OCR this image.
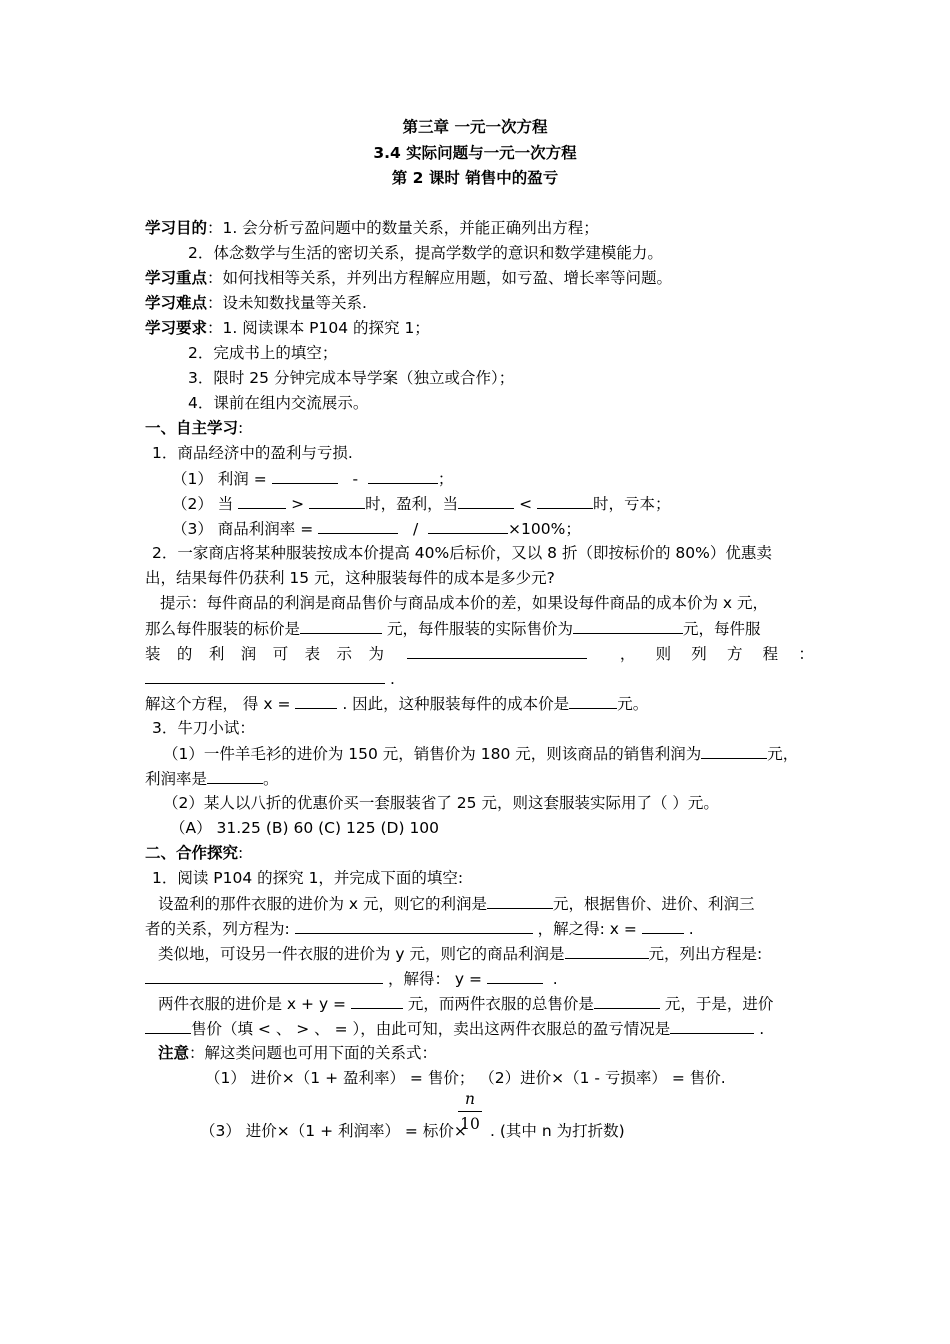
第三章 一元一次方程
3.4 实际问题与一元一次方程
第 2 课时 销售中的盈亏
学习目的：1. 会分析亏盈问题中的数量关系，并能正确列出方程；
2．体念数学与生活的密切关系，提高学数学的意识和数学建模能力。
学习重点：如何找相等关系，并列出方程解应用题，如亏盈、增长率等问题。
学习难点：设未知数找量等关系.
学习要求：1. 阅读课本 P104 的探究 1；
2．完成书上的填空；
3．限时 25 分钟完成本导学案（独立或合作）；
4．课前在组内交流展示。
一、自主学习:
1．商品经济中的盈利与亏损.
（1） 利润 =	-	；
（2） 当	>	时，盈利，当	<	时，亏本；
（3） 商品利润率 =	/	×100%；
2．一家商店将某种服装按成本价提高 40%后标价，又以 8 折（即按标价的 80%）优惠卖
出，结果每件仍获利 15 元，这种服装每件的成本是多少元?
提示：每件商品的利润是商品售价与商品成本价的差，如果设每件商品的成本价为 x 元，
那么每件服装的标价是	元，每件服装的实际售价为	元，每件服
装的利润可表示为	，则列方程：
.
解这个方程， 得 x =	. 因此，这种服装每件的成本价是	元。
3．牛刀小试：
（1）一件羊毛衫的进价为 150 元，销售价为 180 元，则该商品的销售利润为	元，
利润率是	。
（2）某人以八折的优惠价买一套服装省了 25 元，则这套服装实际用了（ ）元。
（A） 31.25 (B) 60 (C) 125 (D) 100
二、合作探究:
1．阅读 P104 的探究 1，并完成下面的填空:
设盈利的那件衣服的进价为 x 元，则它的利润是	元，根据售价、进价、利润三
者的关系，列方程为:	，解之得: x =	.
类似地，可设另一件衣服的进价为 y 元，则它的商品利润是	元，列出方程是:
，解得： y =	.
两件衣服的进价是 x + y =	元，而两件衣服的总售价是	元，于是，进价
售价（填 < 、 > 、 = ），由此可知，卖出这两件衣服总的盈亏情况是	.
注意：解这类问题也可用下面的关系式：
（1） 进价×（1 + 盈利率） = 售价； （2）进价×（1 - 亏损率） = 售价.
n
（3） 进价×（1 + 利润率） = 标价×
10 . (其中 n 为打折数)
